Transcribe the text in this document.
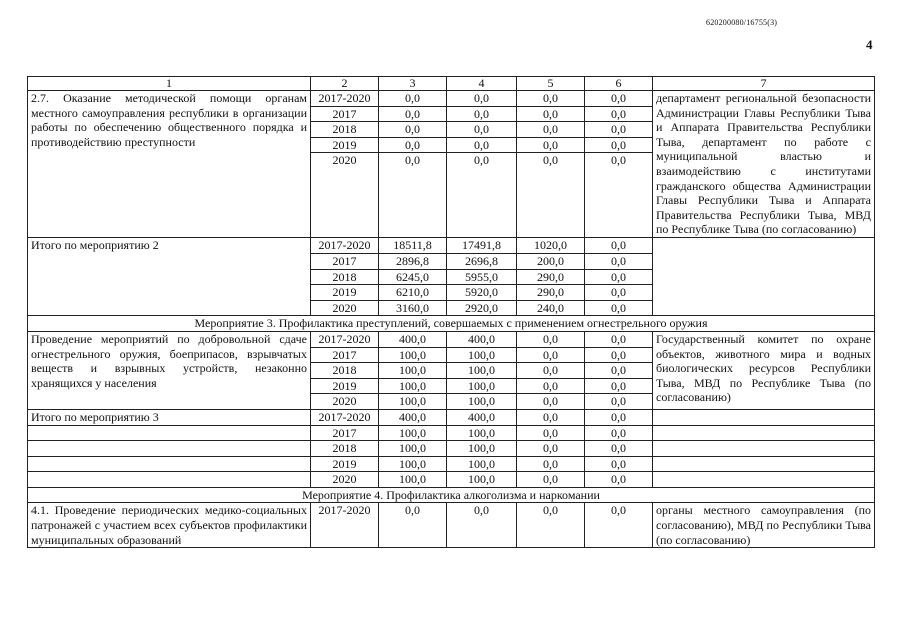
620200080/16755(3)
4
1	2	3	4	5	6	7
2.7. Оказание методической помощи органам местного самоуправления республики в организации работы по обеспечению общественного порядка и противодействию преступности	2017-2020	0,0	0,0	0,0	0,0	департамент региональной безопасности Администрации Главы Республики Тыва и Аппарата Правительства Республики Тыва, департамент по работе с муниципальной властью и взаимодействию с институтами гражданского общества Администрации Главы Республики Тыва и Аппарата Правительства Республики Тыва, МВД по Республике Тыва (по согласованию)
	2017	0,0	0,0	0,0	0,0	
	2018	0,0	0,0	0,0	0,0	
	2019	0,0	0,0	0,0	0,0	
	2020	0,0	0,0	0,0	0,0	
Итого по мероприятию 2	2017-2020	18511,8	17491,8	1020,0	0,0	
	2017	2896,8	2696,8	200,0	0,0	
	2018	6245,0	5955,0	290,0	0,0	
	2019	6210,0	5920,0	290,0	0,0	
	2020	3160,0	2920,0	240,0	0,0	
Мероприятие 3. Профилактика преступлений, совершаемых с применением огнестрельного оружия						
Проведение мероприятий по добровольной сдаче огнестрельного оружия, боеприпасов, взрывчатых веществ и взрывных устройств, незаконно хранящихся у населения	2017-2020	400,0	400,0	0,0	0,0	Государственный комитет по охране объектов, животного мира и водных биологических ресурсов Республики Тыва, МВД по Республике Тыва (по согласованию)
	2017	100,0	100,0	0,0	0,0	
	2018	100,0	100,0	0,0	0,0	
	2019	100,0	100,0	0,0	0,0	
	2020	100,0	100,0	0,0	0,0	
Итого по мероприятию 3	2017-2020	400,0	400,0	0,0	0,0	
	2017	100,0	100,0	0,0	0,0	
	2018	100,0	100,0	0,0	0,0	
	2019	100,0	100,0	0,0	0,0	
	2020	100,0	100,0	0,0	0,0	
Мероприятие 4. Профилактика алкоголизма и наркомании						
4.1. Проведение периодических медико-социальных патронажей с участием всех субъектов профилактики муниципальных образований	2017-2020	0,0	0,0	0,0	0,0	органы местного самоуправления (по согласованию), МВД по Республики Тыва (по согласованию)
